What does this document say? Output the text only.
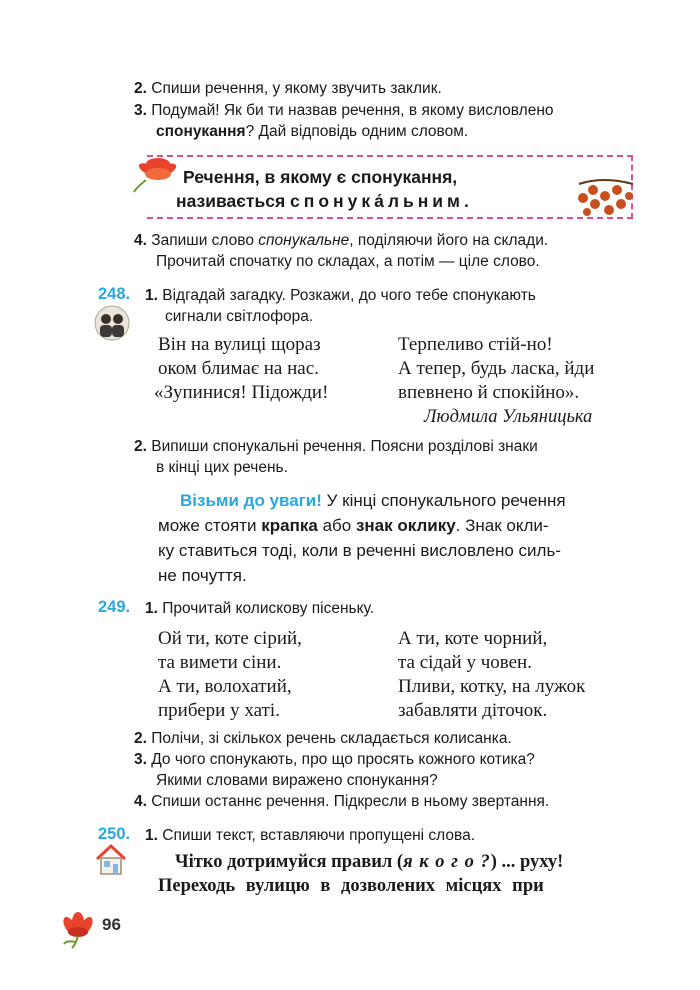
2. Спиши речення, у якому звучить заклик.
3. Подумай! Як би ти назвав речення, в якому висловлено
спонукання? Дай відповідь одним словом.
Речення, в якому є спонукання,
називається спонука́льним.
4. Запиши слово спонукальне, поділяючи його на склади.
Прочитай спочатку по складах, а потім — ціле слово.
248. 1. Відгадай загадку. Розкажи, до чого тебе спонукають
сигнали світлофора.
Він на вулиці щораз
оком блимає на нас.
«Зупинися! Підожди!
Терпеливо стій-но!
А тепер, будь ласка, йди
впевнено й спокійно».
Людмила Ульяницька
2. Випиши спонукальні речення. Поясни розділові знаки
в кінці цих речень.
Візьми до уваги! У кінці спонукального речення
може стояти крапка або знак оклику. Знак окли-
ку ставиться тоді, коли в реченні висловлено силь-
не почуття.
249. 1. Прочитай колискову пісеньку.
Ой ти, коте сірий,
та вимети сіни.
А ти, волохатий,
прибери у хаті.
А ти, коте чорний,
та сідай у човен.
Пливи, котку, на лужок
забавляти діточок.
2. Полічи, зі скількох речень складається колисанка.
3. До чого спонукають, про що просять кожного котика?
Якими словами виражено спонукання?
4. Спиши останнє речення. Підкресли в ньому звертання.
250. 1. Спиши текст, вставляючи пропущені слова.
Чітко дотримуйся правил (я к о г о ?) ... руху!
Переходь вулицю в дозволених місцях при
96
